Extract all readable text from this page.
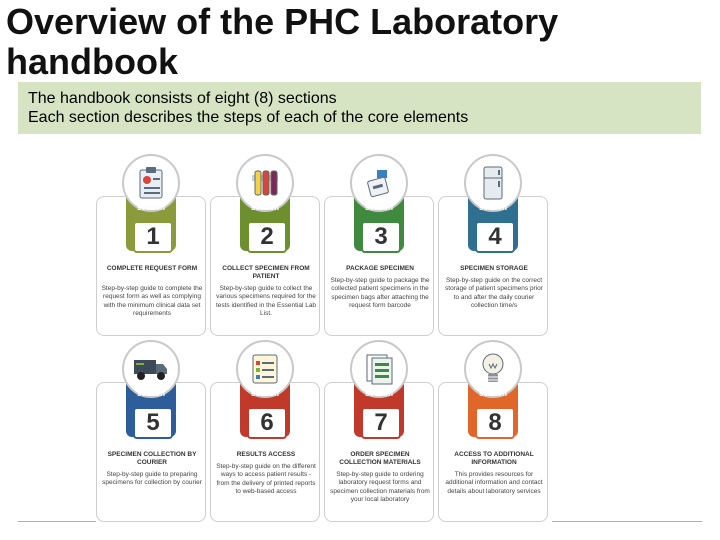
Overview of the PHC Laboratory handbook
The handbook consists of eight (8) sections
Each section describes the steps of each of the core elements
section
1
COMPLETE REQUEST FORM
Step-by-step guide to complete the request form as well as complying with the minimum clinical data set requirements
section
2
COLLECT SPECIMEN FROM PATIENT
Step-by-step guide to collect the various specimens required for the tests identified in the Essential Lab List.
section
3
PACKAGE SPECIMEN
Step-by-step guide to package the collected patient specimens in the specimen bags after attaching the request form barcode
section
4
SPECIMEN STORAGE
Step-by-step guide on the correct storage of patient specimens prior to and after the daily courier collection time/s
section
5
SPECIMEN COLLECTION BY COURIER
Step-by-step guide to preparing specimens for collection by courier
section
6
RESULTS ACCESS
Step-by-step guide on the different ways to access patient results - from the delivery of printed reports to web-based access
section
7
ORDER SPECIMEN COLLECTION MATERIALS
Step-by-step guide to ordering laboratory request forms and specimen collection materials from your local laboratory
section
8
ACCESS TO ADDITIONAL INFORMATION
This provides resources for additional information and contact details about laboratory services
